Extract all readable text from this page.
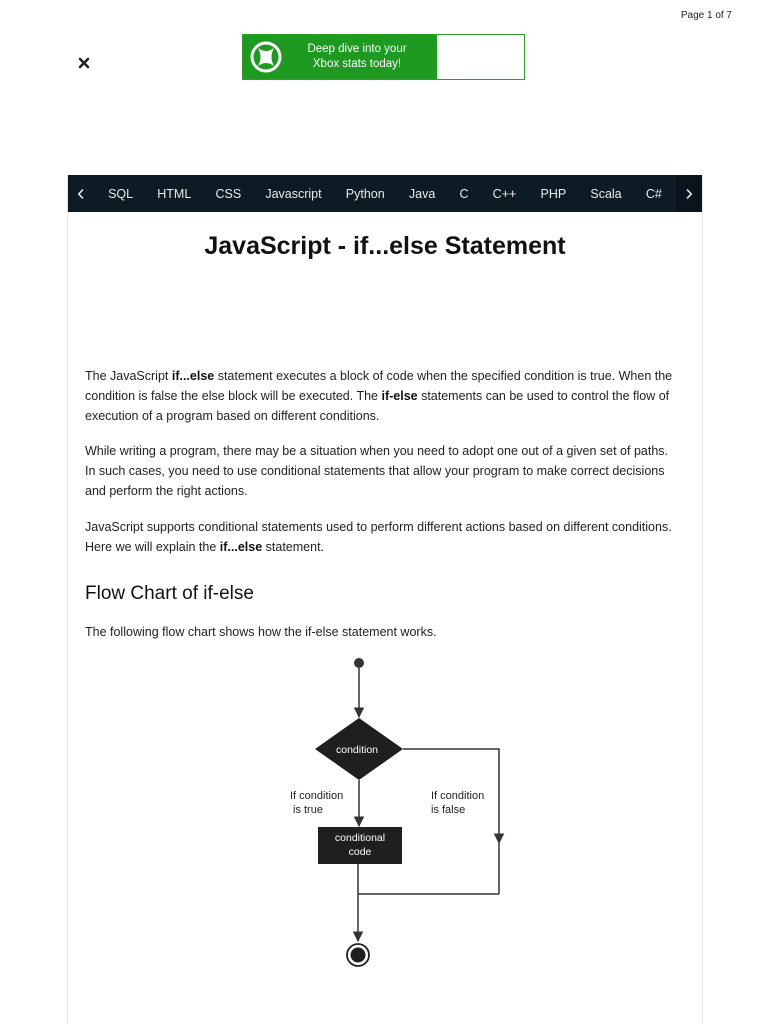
Page 1 of 7
Deep dive into your
Xbox stats today!
SQL HTML CSS Javascript Python Java C C++ PHP Scala C#
JavaScript - if...else Statement

The JavaScript if...else statement executes a block of code when the specified condition is true. When the condition is false the else block will be executed. The if-else statements can be used to control the flow of execution of a program based on different conditions.

While writing a program, there may be a situation when you need to adopt one out of a given set of paths. In such cases, you need to use conditional statements that allow your program to make correct decisions and perform the right actions.

JavaScript supports conditional statements used to perform different actions based on different conditions. Here we will explain the if...else statement.

Flow Chart of if-else

The following flow chart shows how the if-else statement works.

condition
If condition
is true
If condition
is false
conditional
code
